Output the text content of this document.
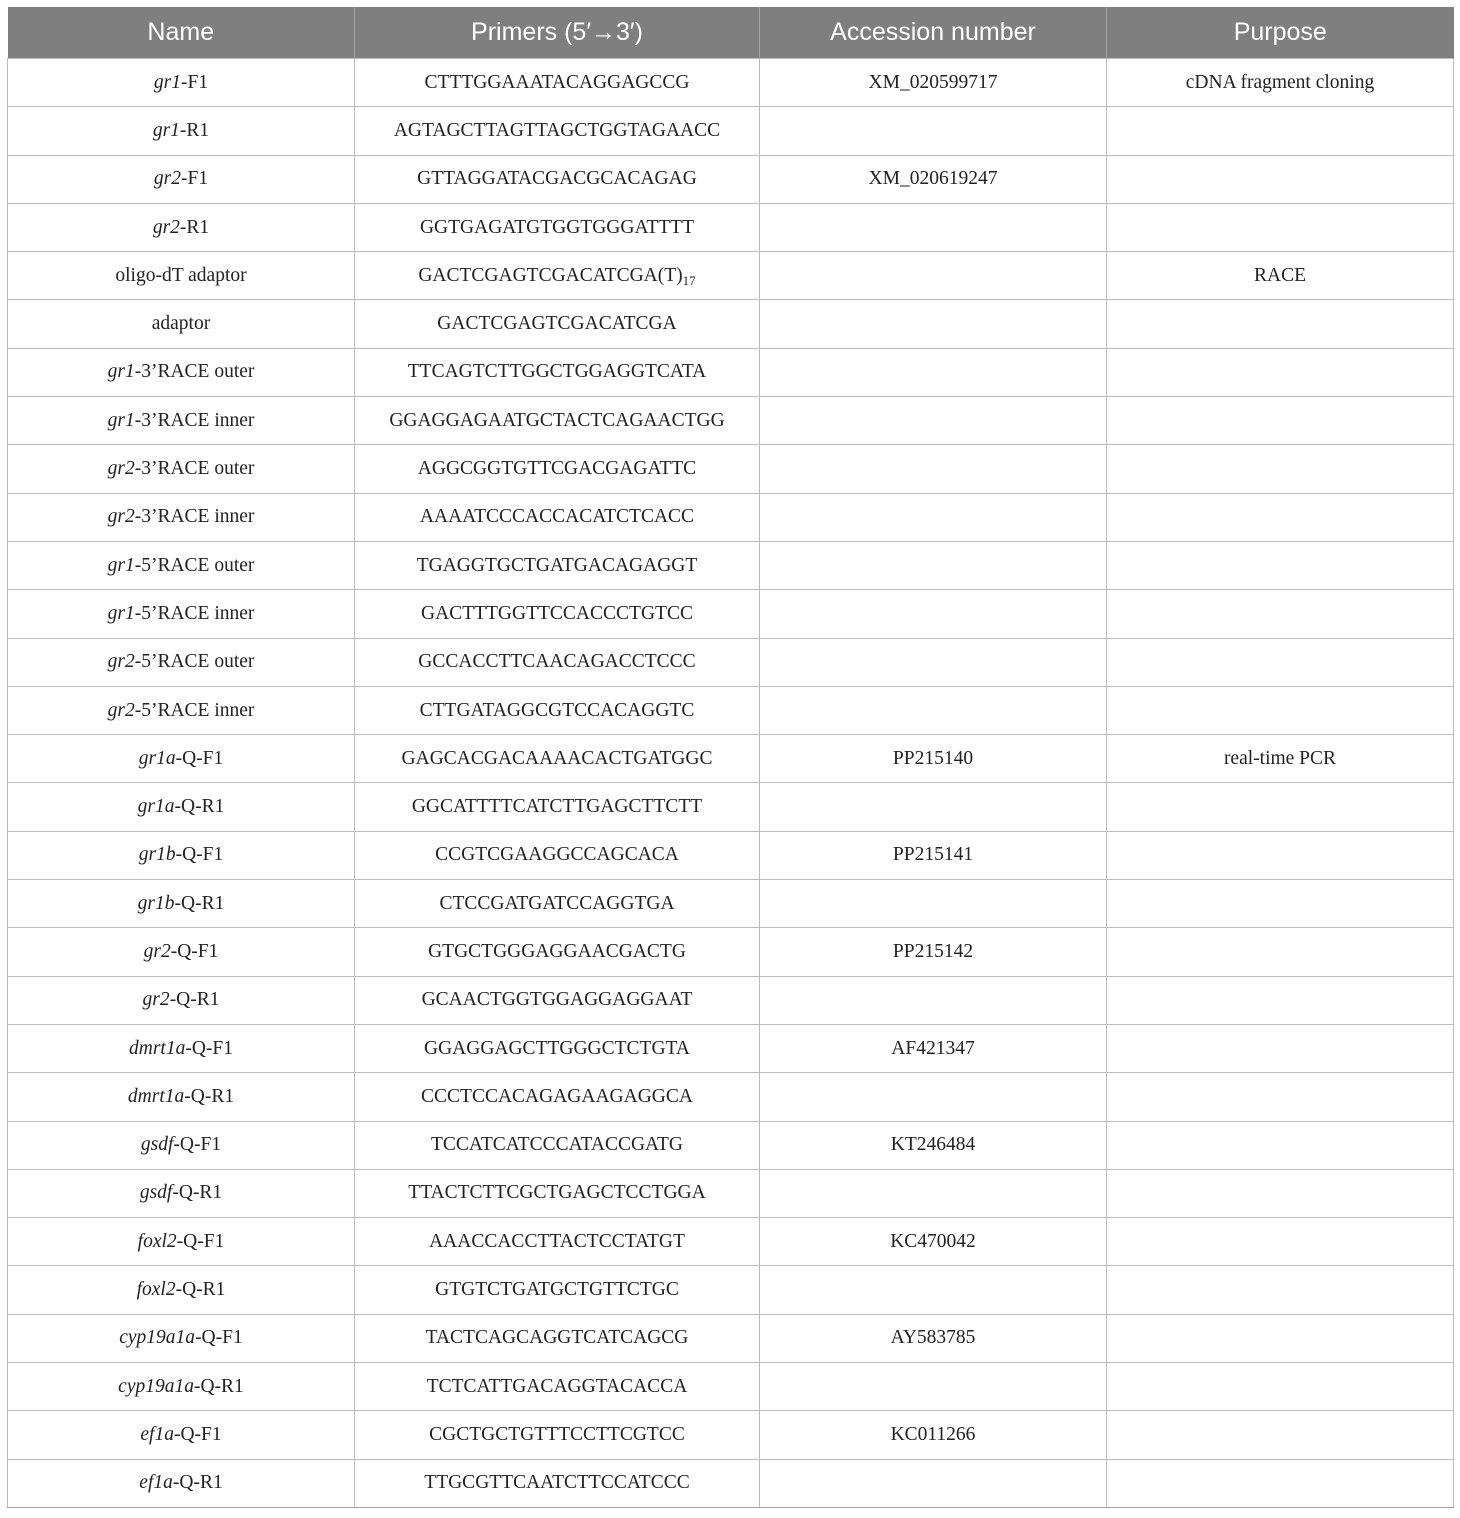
Name	Primers (5′→3′)	Accession number	Purpose
gr1-F1	CTTTGGAAATACAGGAGCCG	XM_020599717	cDNA fragment cloning
gr1-R1	AGTAGCTTAGTTAGCTGGTAGAACC		
gr2-F1	GTTAGGATACGACGCACAGAG	XM_020619247	
gr2-R1	GGTGAGATGTGGTGGGATTTT		
oligo-dT adaptor	$GACTCGAGTCGACATCGA(T)_{17}$		RACE
adaptor	GACTCGAGTCGACATCGA		
gr1-3’RACE outer	TTCAGTCTTGGCTGGAGGTCATA		
gr1-3’RACE inner	GGAGGAGAATGCTACTCAGAACTGG		
gr2-3’RACE outer	AGGCGGTGTTCGACGAGATTC		
gr2-3’RACE inner	AAAATCCCACCACATCTCACC		
gr1-5’RACE outer	TGAGGTGCTGATGACAGAGGT		
gr1-5’RACE inner	GACTTTGGTTCCACCCTGTCC		
gr2-5’RACE outer	GCCACCTTCAACAGACCTCCC		
gr2-5’RACE inner	CTTGATAGGCGTCCACAGGTC		
gr1a-Q-F1	GAGCACGACAAAACACTGATGGC	PP215140	real-time PCR
gr1a-Q-R1	GGCATTTTCATCTTGAGCTTCTT		
gr1b-Q-F1	CCGTCGAAGGCCAGCACA	PP215141	
gr1b-Q-R1	CTCCGATGATCCAGGTGA		
gr2-Q-F1	GTGCTGGGAGGAACGACTG	PP215142	
gr2-Q-R1	GCAACTGGTGGAGGAGGAAT		
dmrt1a-Q-F1	GGAGGAGCTTGGGCTCTGTA	AF421347	
dmrt1a-Q-R1	CCCTCCACAGAGAAGAGGCA		
gsdf-Q-F1	TCCATCATCCCATACCGATG	KT246484	
gsdf-Q-R1	TTACTCTTCGCTGAGCTCCTGGA		
foxl2-Q-F1	AAACCACCTTACTCCTATGT	KC470042	
foxl2-Q-R1	GTGTCTGATGCTGTTCTGC		
cyp19a1a-Q-F1	TACTCAGCAGGTCATCAGCG	AY583785	
cyp19a1a-Q-R1	TCTCATTGACAGGTACACCA		
ef1a-Q-F1	CGCTGCTGTTTCCTTCGTCC	KC011266	
ef1a-Q-R1	TTGCGTTCAATCTTCCATCCC		
